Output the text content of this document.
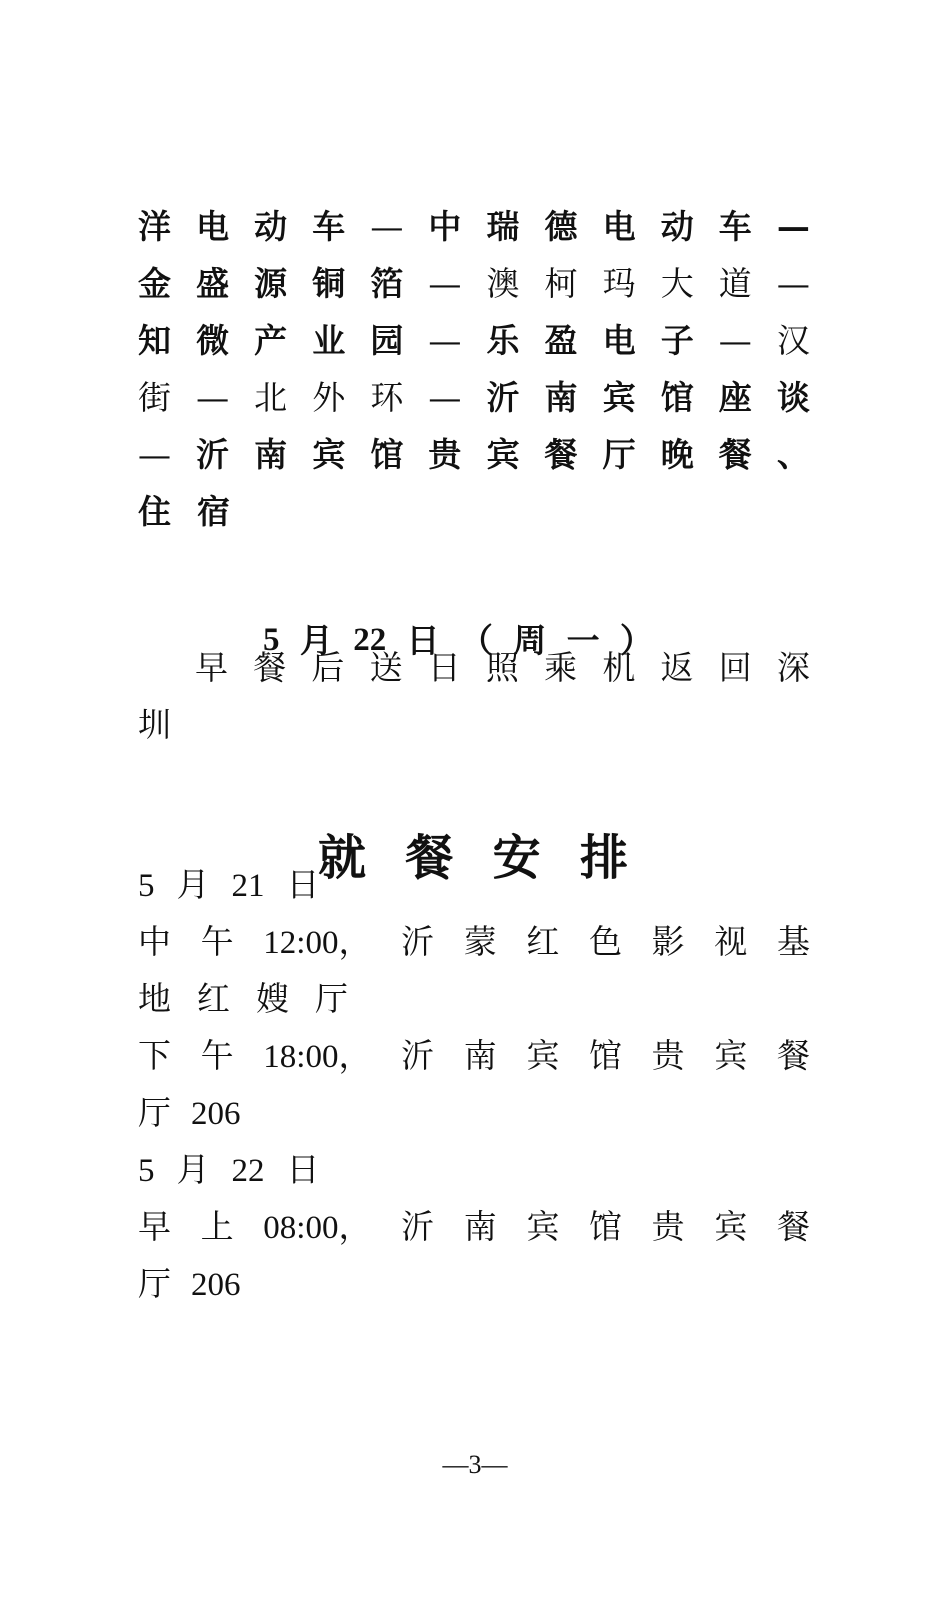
洋 电 动 车 — 中 瑞 德 电 动 车 —
金 盛 源 铜 箔 — 澳 柯 玛 大 道 —
知 微 产 业 园 — 乐 盈 电 子 — 汉
街 — 北 外 环 — 沂 南 宾 馆 座 谈
— 沂 南 宾 馆 贵 宾 餐 厅 晚 餐 、
住 宿
5 月 22 日 （ 周 一 ）
早 餐 后 送 日 照 乘 机 返 回 深
圳
就 餐 安 排
5 月 21 日
中 午 12:00， 沂 蒙 红 色 影 视 基
地 红 嫂 厅
下 午 18:00， 沂 南 宾 馆 贵 宾 餐
厅 206
5 月 22 日
早 上 08:00， 沂 南 宾 馆 贵 宾 餐
厅 206
—3—
